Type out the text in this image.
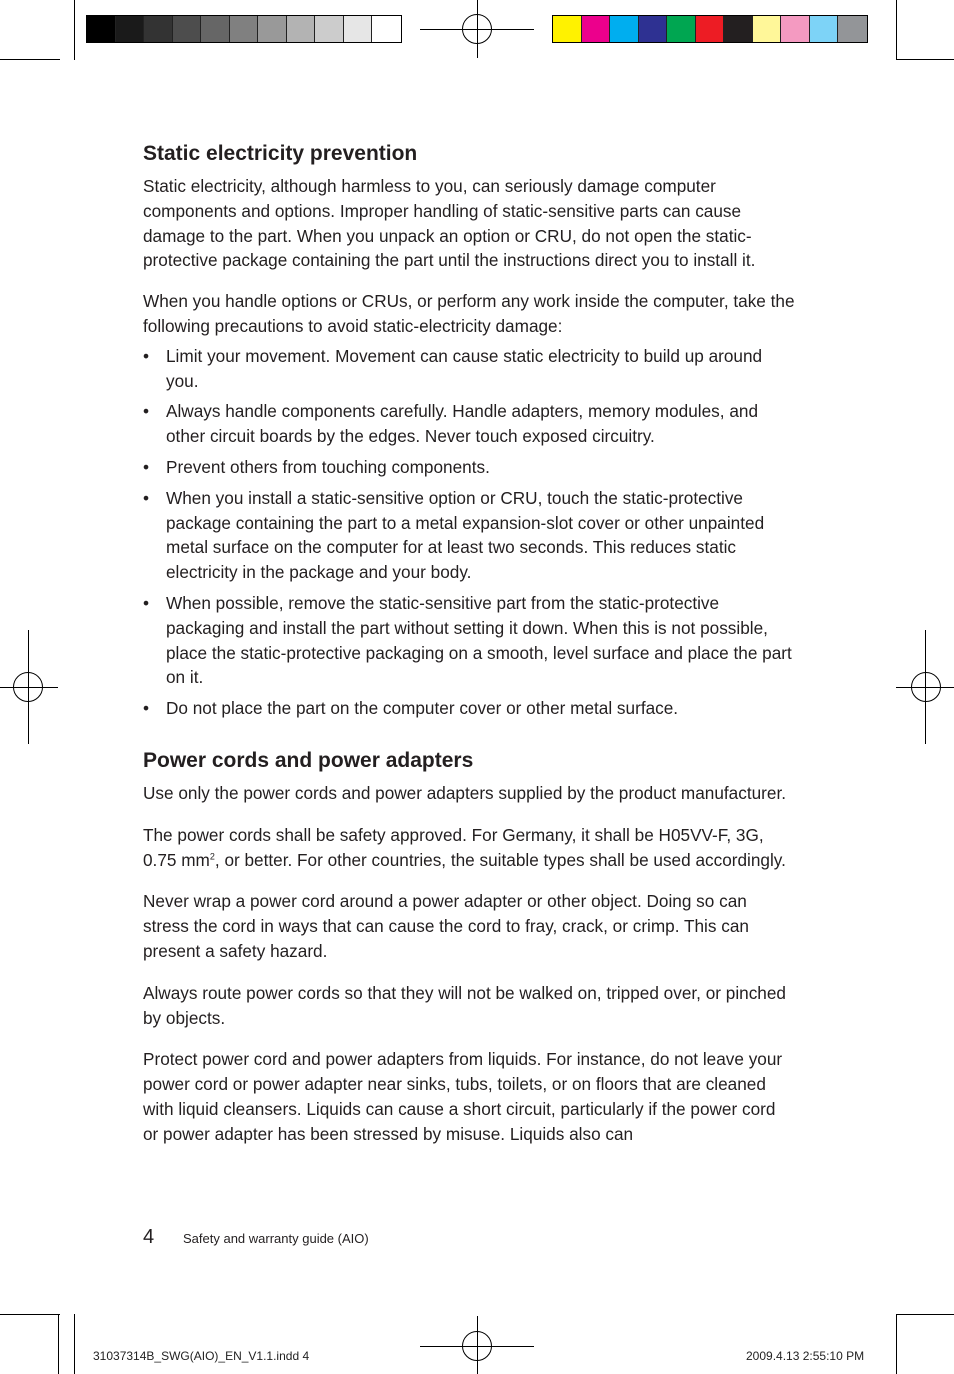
Static electricity prevention

Static electricity, although harmless to you, can seriously damage computer components and options. Improper handling of static-sensitive parts can cause damage to the part. When you unpack an option or CRU, do not open the static-protective package containing the part until the instructions direct you to install it.

When you handle options or CRUs, or perform any work inside the computer, take the following precautions to avoid static-electricity damage:

• Limit your movement. Movement can cause static electricity to build up around you.
• Always handle components carefully. Handle adapters, memory modules, and other circuit boards by the edges. Never touch exposed circuitry.
• Prevent others from touching components.
• When you install a static-sensitive option or CRU, touch the static-protective package containing the part to a metal expansion-slot cover or other unpainted metal surface on the computer for at least two seconds. This reduces static electricity in the package and your body.
• When possible, remove the static-sensitive part from the static-protective packaging and install the part without setting it down. When this is not possible, place the static-protective packaging on a smooth, level surface and place the part on it.
• Do not place the part on the computer cover or other metal surface.
Power cords and power adapters

Use only the power cords and power adapters supplied by the product manufacturer.

The power cords shall be safety approved. For Germany, it shall be H05VV-F, 3G, 0.75 $mm^2$, or better. For other countries, the suitable types shall be used accordingly.

Never wrap a power cord around a power adapter or other object. Doing so can stress the cord in ways that can cause the cord to fray, crack, or crimp. This can present a safety hazard.

Always route power cords so that they will not be walked on, tripped over, or pinched by objects.

Protect power cord and power adapters from liquids. For instance, do not leave your power cord or power adapter near sinks, tubs, toilets, or on floors that are cleaned with liquid cleansers. Liquids can cause a short circuit, particularly if the power cord or power adapter has been stressed by misuse. Liquids also can

4 Safety and warranty guide (AIO)
31037314B_SWG(AIO)_EN_V1.1.indd 4	2009.4.13 2:55:10 PM
